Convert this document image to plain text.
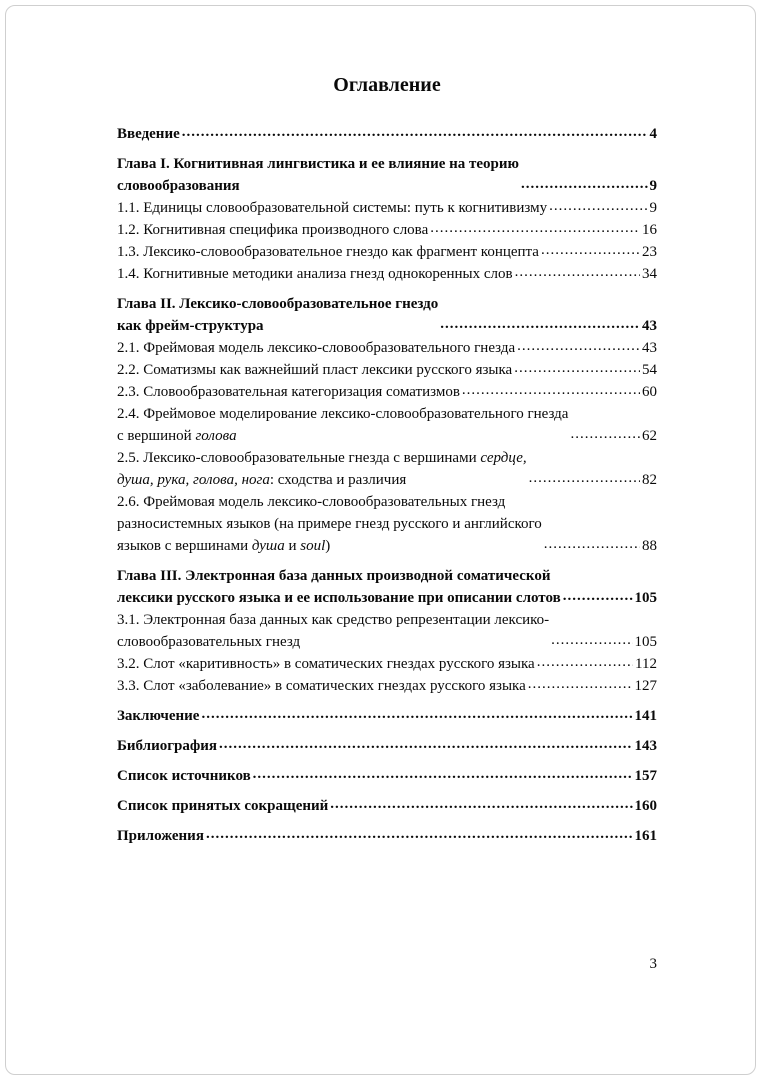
Оглавление
Введение .....	4
Глава I. Когнитивная лингвистика и ее влияние на теорию
словообразования .....	9
1.1. Единицы словообразовательной системы: путь к когнитивизму .....	9
1.2. Когнитивная специфика производного слова .....	16
1.3. Лексико-словообразовательное гнездо как фрагмент концепта .....	23
1.4. Когнитивные методики анализа гнезд однокоренных слов .....	34
Глава II. Лексико-словообразовательное гнездо
как фрейм-структура .....	43
2.1. Фреймовая модель лексико-словообразовательного гнезда .....	43
2.2. Соматизмы как важнейший пласт лексики русского языка .....	54
2.3. Словообразовательная категоризация соматизмов .....	60
2.4. Фреймовое моделирование лексико-словообразовательного гнезда
с вершиной голова .....	62
2.5. Лексико-словообразовательные гнезда с вершинами сердце,
душа, рука, голова, нога: сходства и различия .....	82
2.6. Фреймовая модель лексико-словообразовательных гнезд
разносистемных языков (на примере гнезд русского и английского
языков с вершинами душа и soul) .....	88
Глава III. Электронная база данных производной соматической
лексики русского языка и ее использование при описании слотов .....	105
3.1. Электронная база данных как средство репрезентации лексико-
словообразовательных гнезд .....	105
3.2. Слот «каритивность» в соматических гнездах русского языка .....	112
3.3. Слот «заболевание» в соматических гнездах русского языка .....	127
Заключение .....	141
Библиография .....	143
Список источников .....	157
Список принятых сокращений .....	160
Приложения .....	161
3
